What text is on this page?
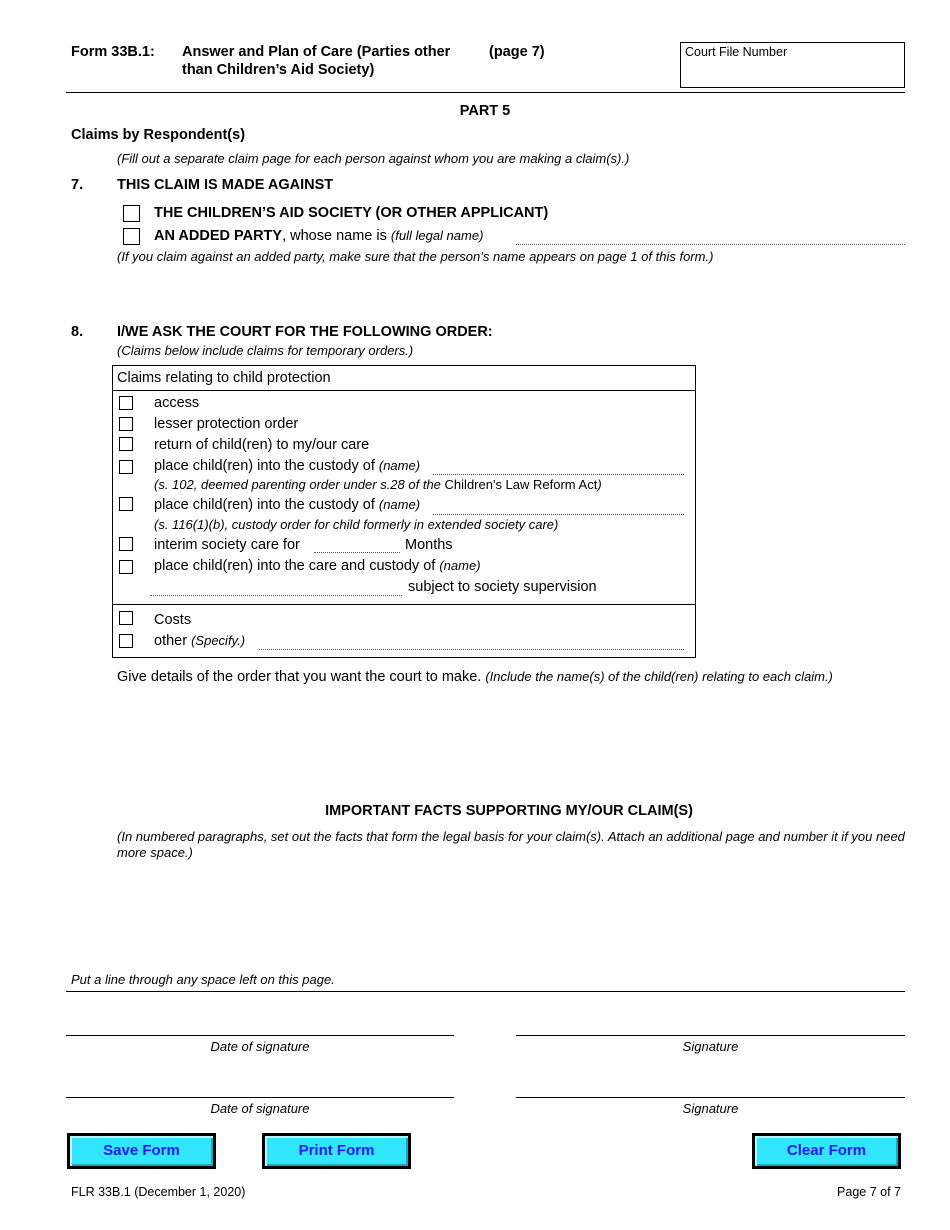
Form 33B.1: Answer and Plan of Care (Parties other
than Children’s Aid Society)
(page 7)	Court File Number
PART 5
Claims by Respondent(s)
(Fill out a separate claim page for each person against whom you are making a claim(s).)
7. THIS CLAIM IS MADE AGAINST
THE CHILDREN’S AID SOCIETY (OR OTHER APPLICANT)
AN ADDED PARTY, whose name is (full legal name)
(If you claim against an added party, make sure that the person’s name appears on page 1 of this form.)
8. I/WE ASK THE COURT FOR THE FOLLOWING ORDER:
(Claims below include claims for temporary orders.)
Claims relating to child protection
access
lesser protection order
return of child(ren) to my/our care
place child(ren) into the custody of (name)
(s. 102, deemed parenting order under s.28 of the Children's Law Reform Act)
place child(ren) into the custody of (name)
(s. 116(1)(b), custody order for child formerly in extended society care)
interim society care for	Months
place child(ren) into the care and custody of (name)
subject to society supervision
Costs
other (Specify.)
Give details of the order that you want the court to make. (Include the name(s) of the child(ren) relating to each claim.)
IMPORTANT FACTS SUPPORTING MY/OUR CLAIM(S)
(In numbered paragraphs, set out the facts that form the legal basis for your claim(s). Attach an additional page and number it if you need more space.)
Put a line through any space left on this page.
Date of signature	Signature
Date of signature	Signature
Save Form	Print Form	Clear Form
FLR 33B.1 (December 1, 2020)	Page 7 of 7
